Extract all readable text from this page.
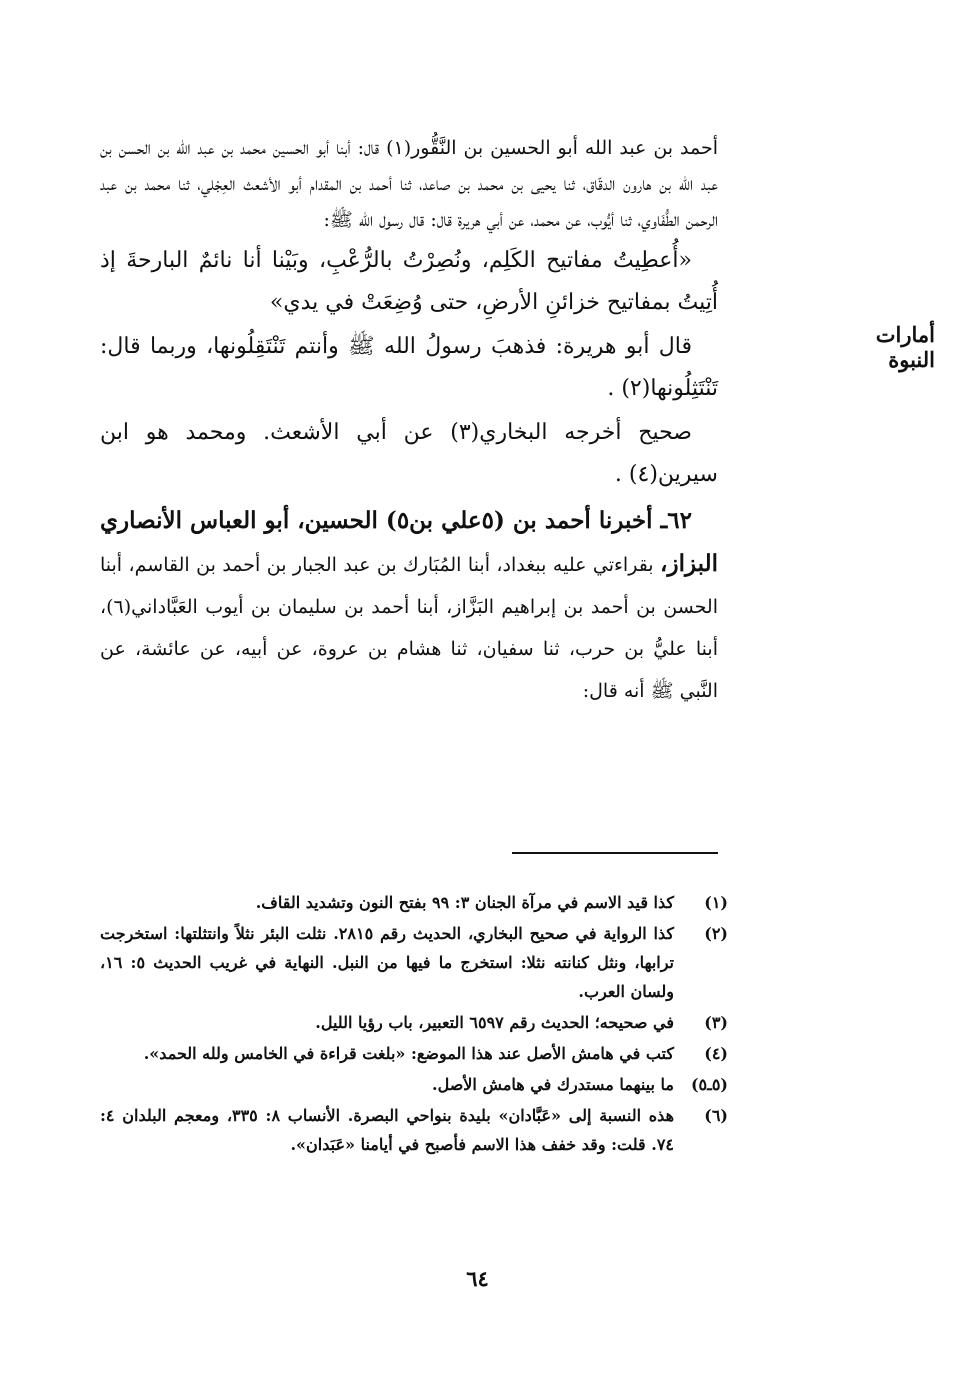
أمارات النبوة

أحمد بن عبد الله أبو الحسين بن النَّقُّور(١) قال: أبنا أبو الحسين محمد بن عبد الله بن الحسن بن عبد الله بن هارون الدقّاق، ثنا يحيى بن محمد بن صاعد، ثنا أحمد بن المقدام أبو الأشعث العِجْلي، ثنا محمد بن عبد الرحمن الطُّفَاوي، ثنا أيُّوب، عن محمد، عن أبي هريرة قال: قال رسول الله ﷺ:

«أُعطِيتُ مفاتيح الكَلِم، ونُصِرْتُ بالرُّعْبِ، وبَيْنا أنا نائمٌ البارحةَ إذ أُتِيتُ بمفاتيح خزائنِ الأرضِ، حتى وُضِعَتْ في يدي»

قال أبو هريرة: فذهبَ رسولُ الله ﷺ وأنتم تَنْتَقِلُونها، وربما قال: تَنْتَثِلُونها(٢) .

صحيح أخرجه البخاري(٣) عن أبي الأشعث. ومحمد هو ابن سيرين(٤) .

٦٢ـ أخبرنا أحمد بن (٥علي بن٥) الحسين، أبو العباس الأنصاري البزاز، بقراءتي عليه ببغداد، أبنا المُبَارك بن عبد الجبار بن أحمد بن القاسم، أبنا الحسن بن أحمد بن إبراهيم البَزَّاز، أبنا أحمد بن سليمان بن أيوب العَبَّاداني(٦)، أبنا عليُّ بن حرب، ثنا سفيان، ثنا هشام بن عروة، عن أبيه، عن عائشة، عن النَّبي ﷺ أنه قال:

(١)
كذا قيد الاسم في مرآة الجنان ٣: ٩٩ بفتح النون وتشديد القاف.
(٢)
كذا الرواية في صحيح البخاري، الحديث رقم ٢٨١٥. نثلت البئر نثلاً وانتثلتها: استخرجت ترابها، ونثل كنانته نثلا: استخرج ما فيها من النبل. النهاية في غريب الحديث ٥: ١٦، ولسان العرب.
(٣)
في صحيحه؛ الحديث رقم ٦٥٩٧ التعبير، باب رؤيا الليل.
(٤)
كتب في هامش الأصل عند هذا الموضع: «بلغت قراءة في الخامس ولله الحمد».
(٥ـ٥)
ما بينهما مستدرك في هامش الأصل.
(٦)
هذه النسبة إلى «عَبَّادان» بليدة بنواحي البصرة. الأنساب ٨: ٣٣٥، ومعجم البلدان ٤: ٧٤. قلت: وقد خفف هذا الاسم فأصبح في أيامنا «عَبَدان».
٦٤
